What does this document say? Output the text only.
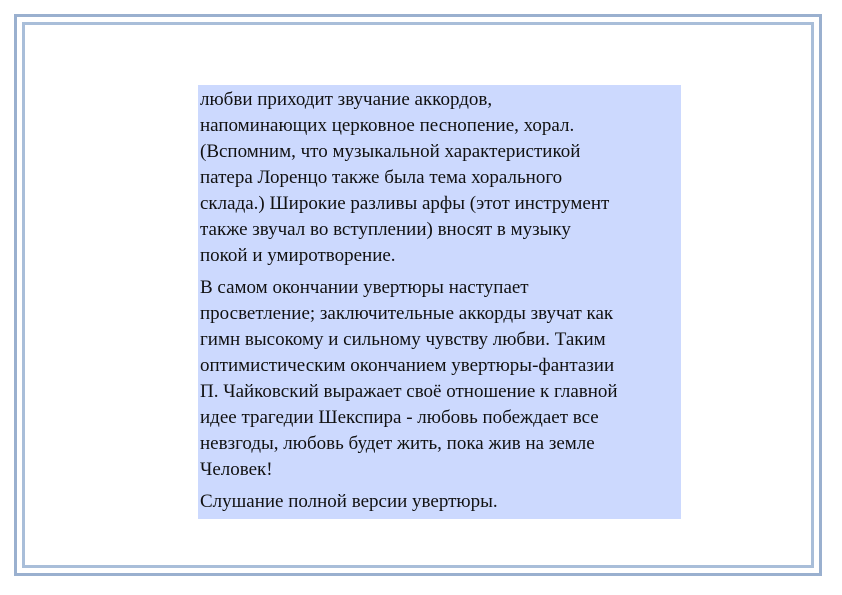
любви приходит звучание аккордов,
напоминающих церковное песнопение, хорал.
(Вспомним, что музыкальной характеристикой
патера Лоренцо также была тема хорального
склада.) Широкие разливы арфы (этот инструмент
также звучал во вступлении) вносят в музыку
покой и умиротворение.

В самом окончании увертюры наступает
просветление; заключительные аккорды звучат как
гимн высокому и сильному чувству любви. Таким
оптимистическим окончанием увертюры-фантазии
П. Чайковский выражает своё отношение к главной
идее трагедии Шекспира - любовь побеждает все
невзгоды, любовь будет жить, пока жив на земле
Человек!

Слушание полной версии увертюры.
